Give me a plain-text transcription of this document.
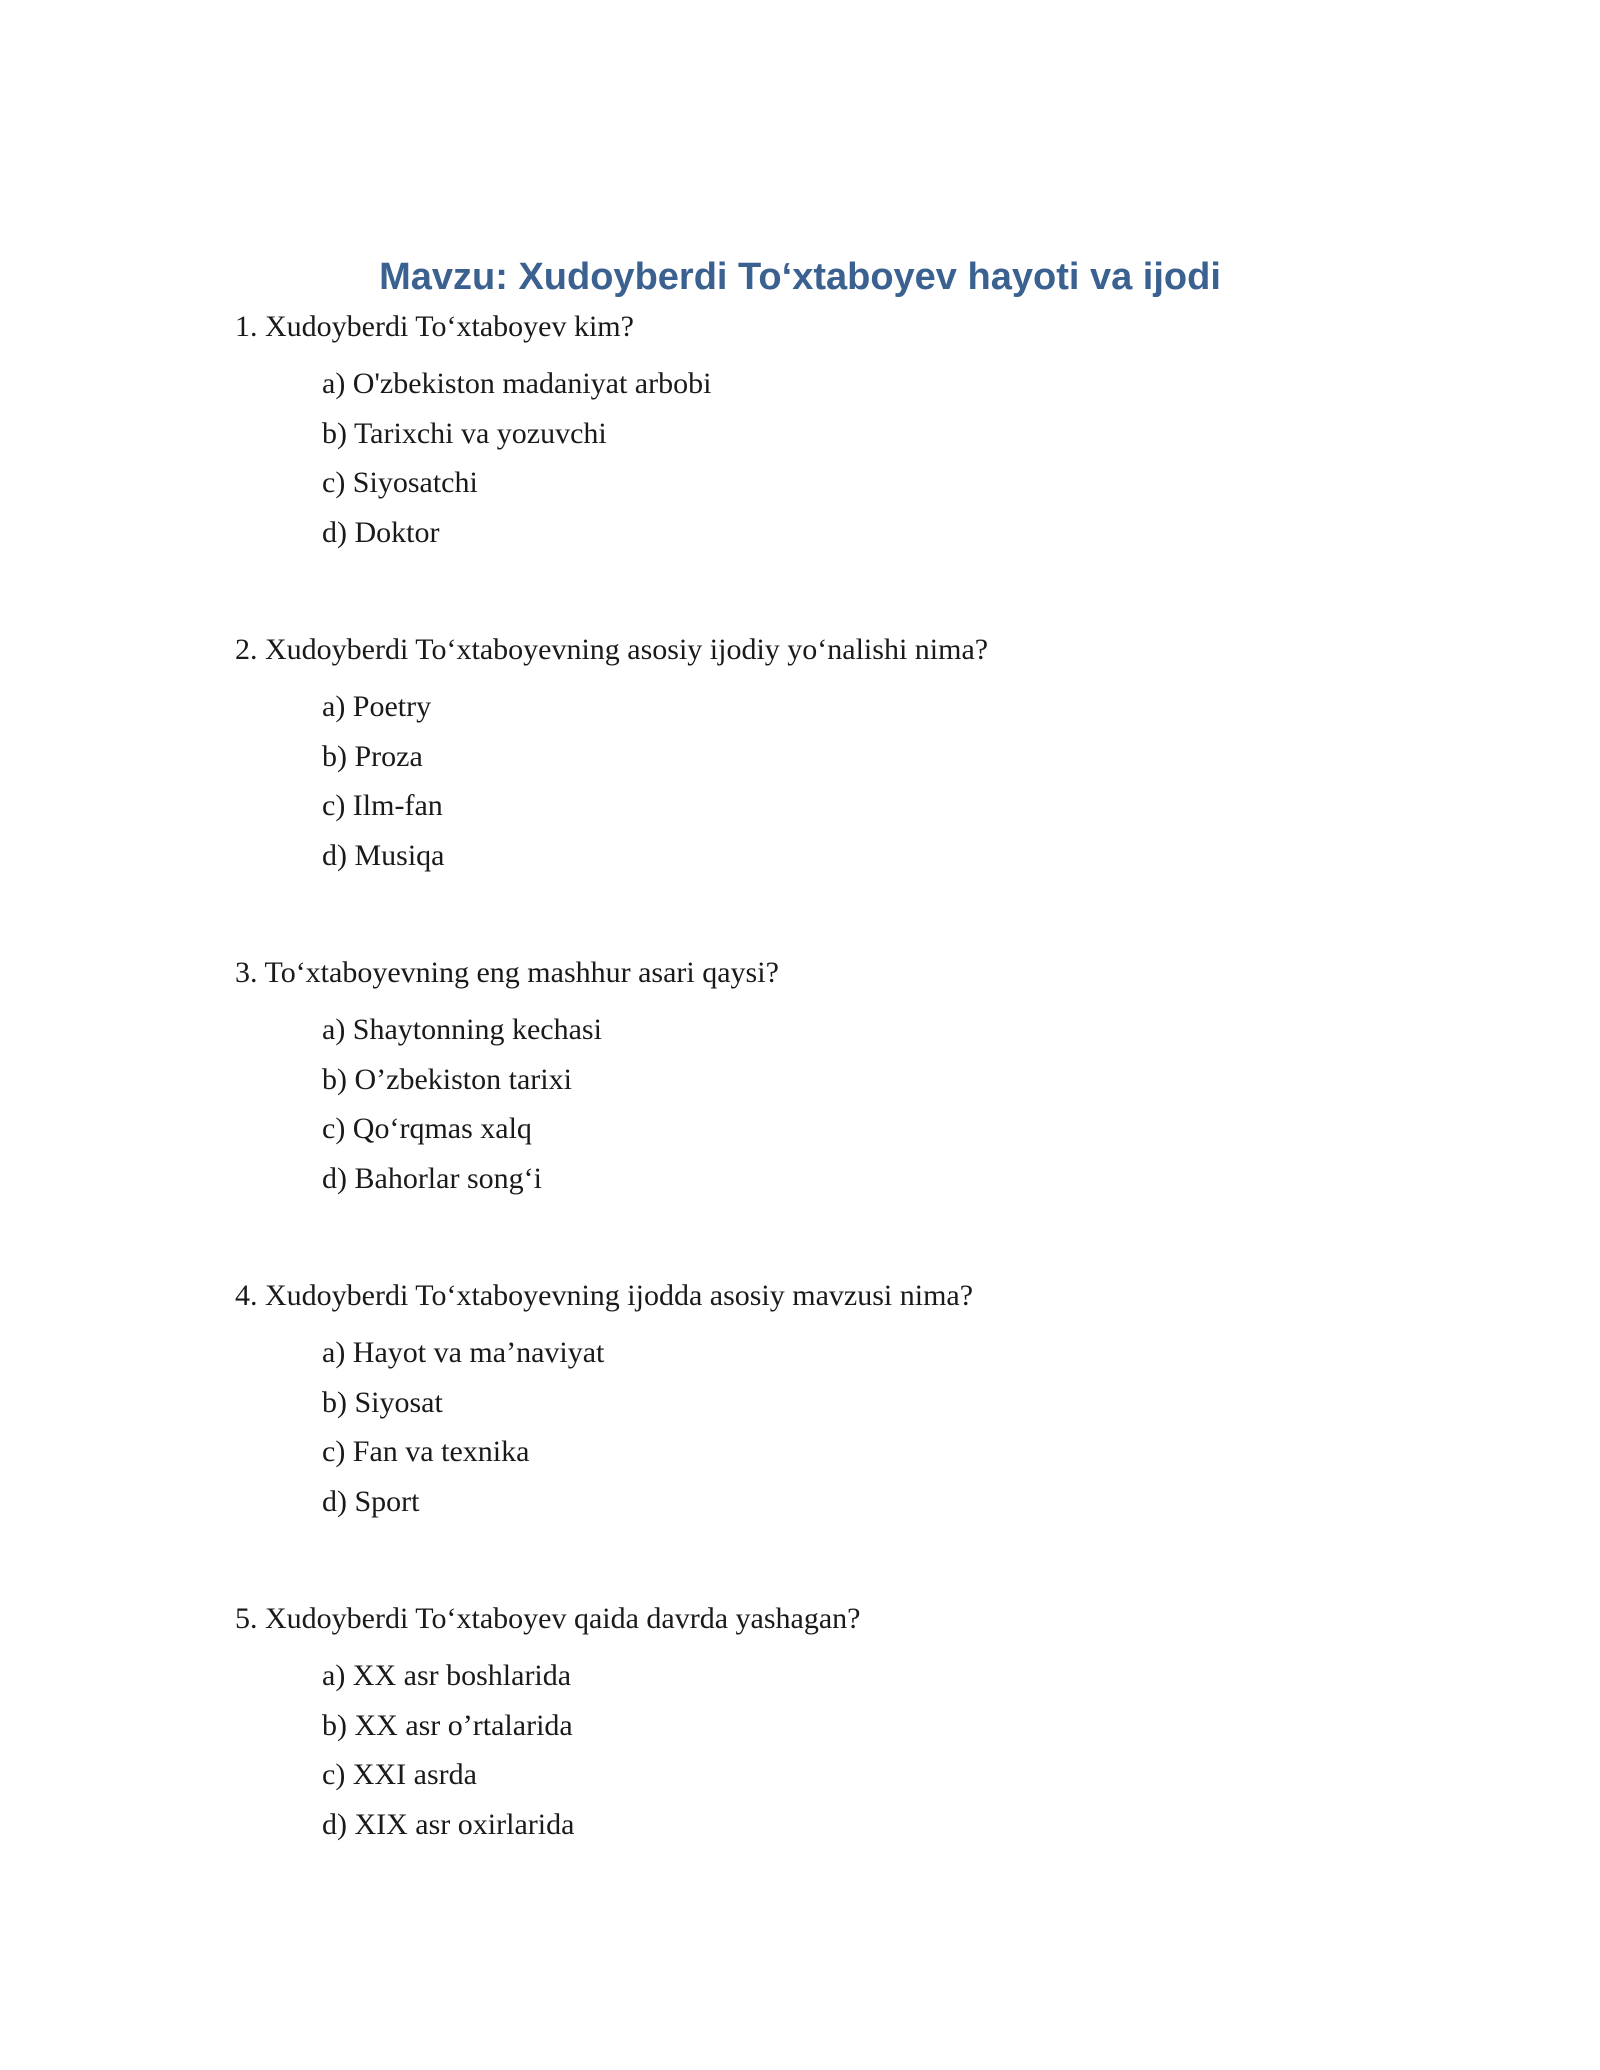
Mavzu: Xudoyberdi To‘xtaboyev hayoti va ijodi

1. Xudoyberdi To‘xtaboyev kim?

a) O'zbekiston madaniyat arbobi
b) Tarixchi va yozuvchi
c) Siyosatchi
d) Doktor

2. Xudoyberdi To‘xtaboyevning asosiy ijodiy yo‘nalishi nima?

a) Poetry
b) Proza
c) Ilm-fan
d) Musiqa

3. To‘xtaboyevning eng mashhur asari qaysi?

a) Shaytonning kechasi
b) O’zbekiston tarixi
c) Qo‘rqmas xalq
d) Bahorlar song‘i

4. Xudoyberdi To‘xtaboyevning ijodda asosiy mavzusi nima?

a) Hayot va ma’naviyat
b) Siyosat
c) Fan va texnika
d) Sport

5. Xudoyberdi To‘xtaboyev qaida davrda yashagan?

a) XX asr boshlarida
b) XX asr o’rtalarida
c) XXI asrda
d) XIX asr oxirlarida
